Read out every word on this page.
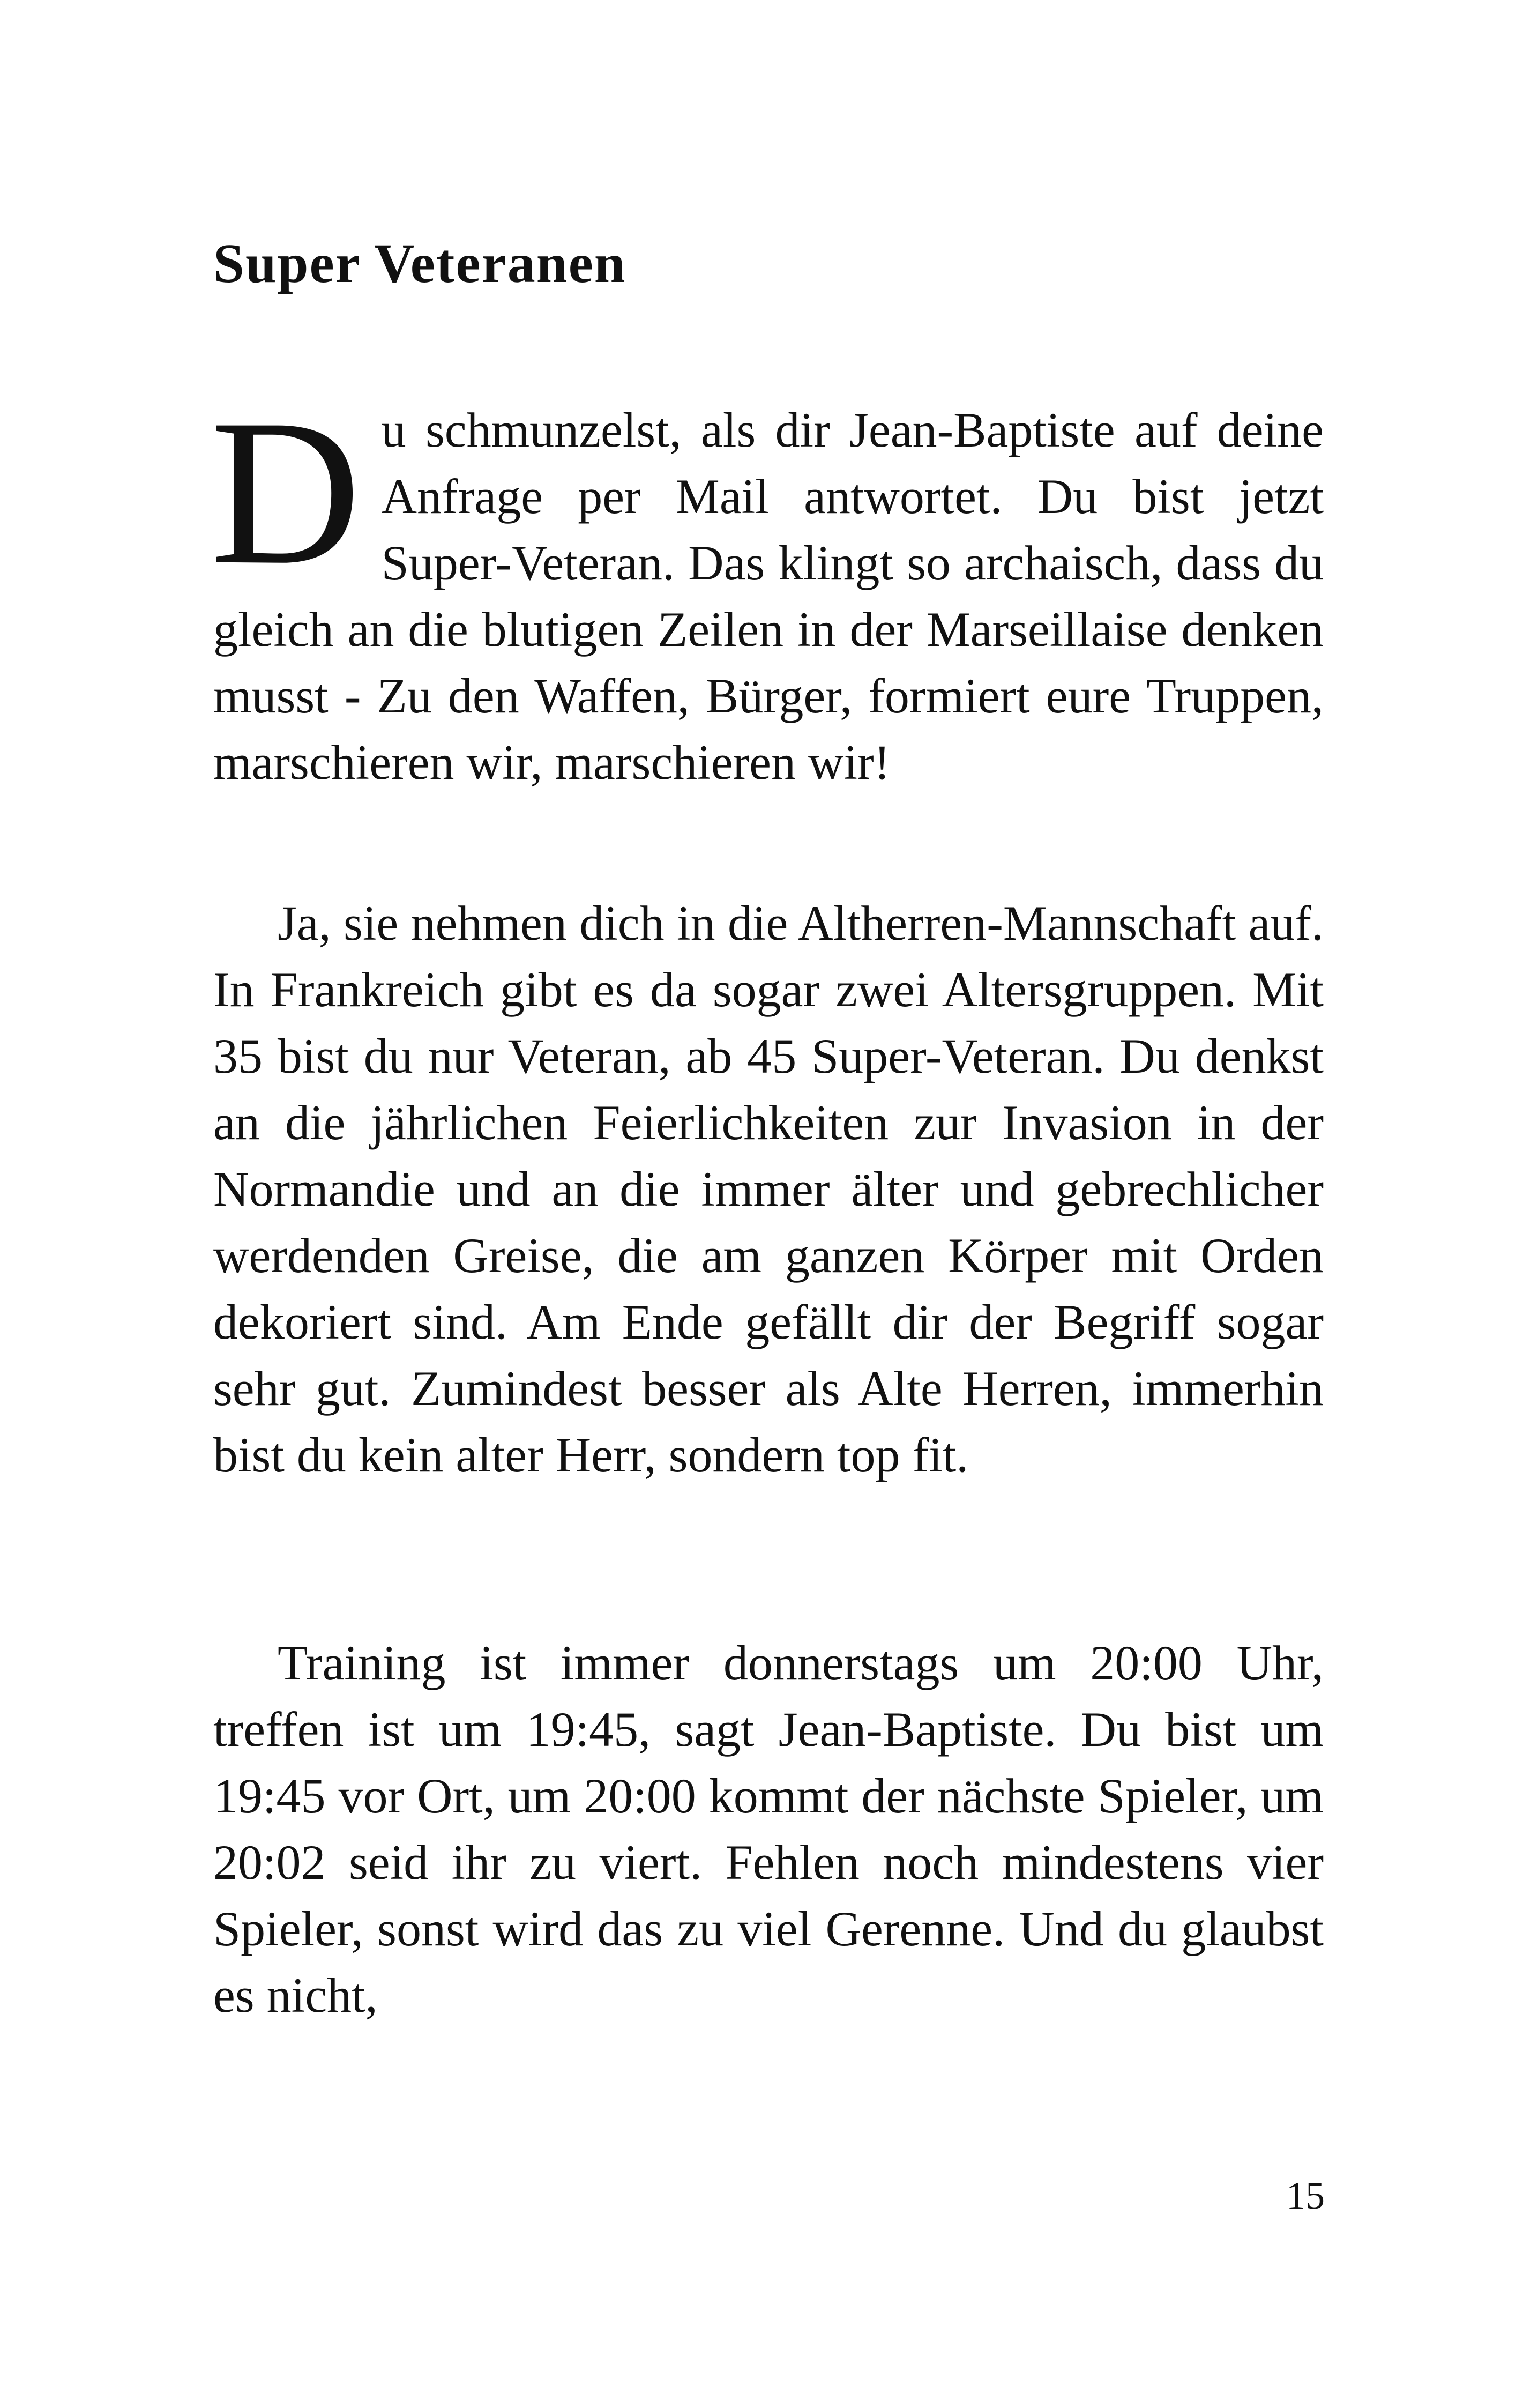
Super Veteranen

Du schmunzelst, als dir Jean-Baptiste auf deine Anfrage per Mail antwortet. Du bist jetzt Super-Veteran. Das klingt so archaisch, dass du gleich an die blutigen Zeilen in der Marseillaise denken musst - Zu den Waffen, Bürger, formiert eure Truppen, marschieren wir, marschieren wir!

Ja, sie nehmen dich in die Altherren-Mannschaft auf. In Frankreich gibt es da sogar zwei Altersgruppen. Mit 35 bist du nur Veteran, ab 45 Super-Veteran. Du denkst an die jährlichen Feierlichkeiten zur Invasion in der Normandie und an die immer älter und gebrechlicher werdenden Greise, die am ganzen Körper mit Orden dekoriert sind. Am Ende gefällt dir der Begriff sogar sehr gut. Zumindest besser als Alte Herren, immerhin bist du kein alter Herr, sondern top fit.

Training ist immer donnerstags um 20:00 Uhr, treffen ist um 19:45, sagt Jean-Baptiste. Du bist um 19:45 vor Ort, um 20:00 kommt der nächste Spieler, um 20:02 seid ihr zu viert. Fehlen noch mindestens vier Spieler, sonst wird das zu viel Gerenne. Und du glaubst es nicht,

15
